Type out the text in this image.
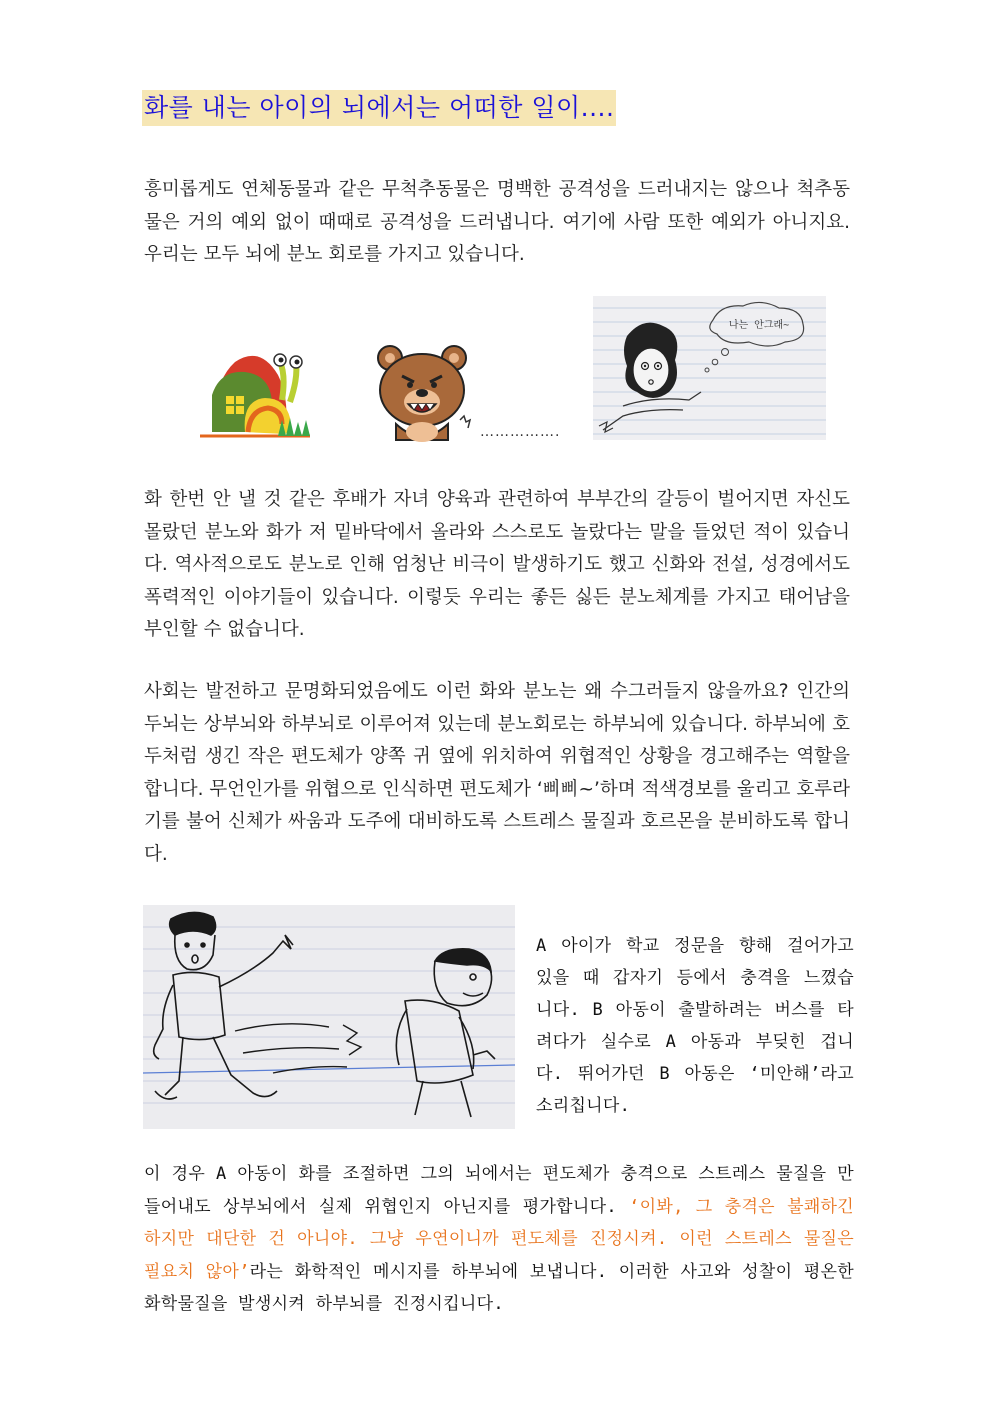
화를 내는 아이의 뇌에서는 어떠한 일이....

흥미롭게도 연체동물과 같은 무척추동물은 명백한 공격성을 드러내지는 않으나 척추동물은 거의 예외 없이 때때로 공격성을 드러냅니다. 여기에 사람 또한 예외가 아니지요. 우리는 모두 뇌에 분노 회로를 가지고 있습니다.

…………….
나는 안그래~

화 한번 안 낼 것 같은 후배가 자녀 양육과 관련하여 부부간의 갈등이 벌어지면 자신도 몰랐던 분노와 화가 저 밑바닥에서 올라와 스스로도 놀랐다는 말을 들었던 적이 있습니다. 역사적으로도 분노로 인해 엄청난 비극이 발생하기도 했고 신화와 전설, 성경에서도 폭력적인 이야기들이 있습니다. 이렇듯 우리는 좋든 싫든 분노체계를 가지고 태어남을 부인할 수 없습니다.

사회는 발전하고 문명화되었음에도 이런 화와 분노는 왜 수그러들지 않을까요? 인간의 두뇌는 상부뇌와 하부뇌로 이루어져 있는데 분노회로는 하부뇌에 있습니다. 하부뇌에 호두처럼 생긴 작은 편도체가 양쪽 귀 옆에 위치하여 위협적인 상황을 경고해주는 역할을 합니다. 무언인가를 위협으로 인식하면 편도체가 ‘삐삐~’하며 적색경보를 울리고 호루라기를 불어 신체가 싸움과 도주에 대비하도록 스트레스 물질과 호르몬을 분비하도록 합니다.

A 아이가 학교 정문을 향해 걸어가고 있을 때 갑자기 등에서 충격을 느꼈습니다. B 아동이 출발하려는 버스를 타려다가 실수로 A 아동과 부딪힌 겁니다. 뛰어가던 B 아동은 ‘미안해’라고 소리칩니다.

이 경우 A 아동이 화를 조절하면 그의 뇌에서는 편도체가 충격으로 스트레스 물질을 만들어내도 상부뇌에서 실제 위협인지 아닌지를 평가합니다. ‘이봐, 그 충격은 불쾌하긴 하지만 대단한 건 아니야. 그냥 우연이니까 편도체를 진정시켜. 이런 스트레스 물질은 필요치 않아’라는 화학적인 메시지를 하부뇌에 보냅니다. 이러한 사고와 성찰이 평온한 화학물질을 발생시켜 하부뇌를 진정시킵니다.
